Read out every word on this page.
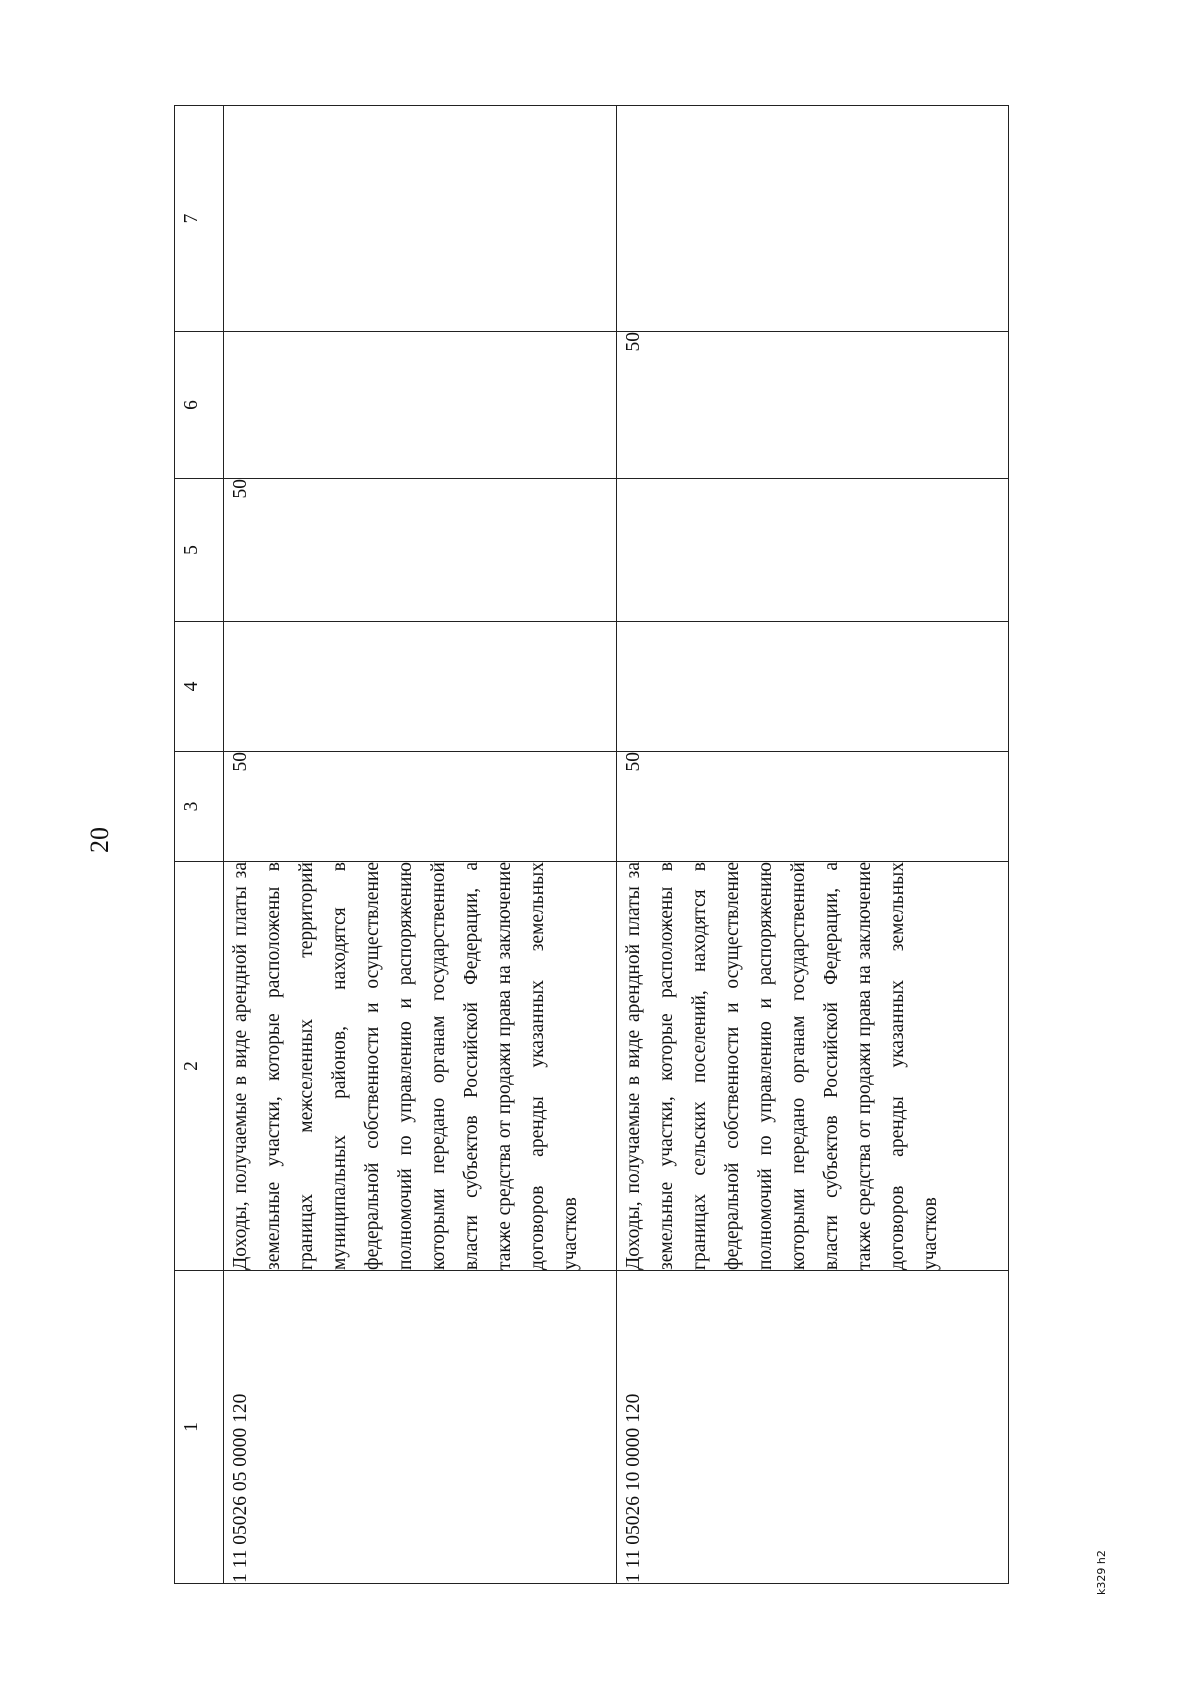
20
1	2	3	4	5	6	7
1 11 05026 05 0000 120	Доходы, получаемые в виде арендной платы за земельные участки, которые расположены в границах межселенных территорий муниципальных районов, находятся в федеральной собственности и осуществление полномочий по управлению и распоряжению которыми передано органам государственной власти субъектов Российской Федерации, а также средства от продажи права на заключение договоров аренды указанных земельных участков	50		50		
1 11 05026 10 0000 120	Доходы, получаемые в виде арендной платы за земельные участки, которые расположены в границах сельских поселений, находятся в федеральной собственности и осуществление полномочий по управлению и распоряжению которыми передано органам государственной власти субъектов Российской Федерации, а также средства от продажи права на заключение договоров аренды указанных земельных участков	50			50	
k329 h2
